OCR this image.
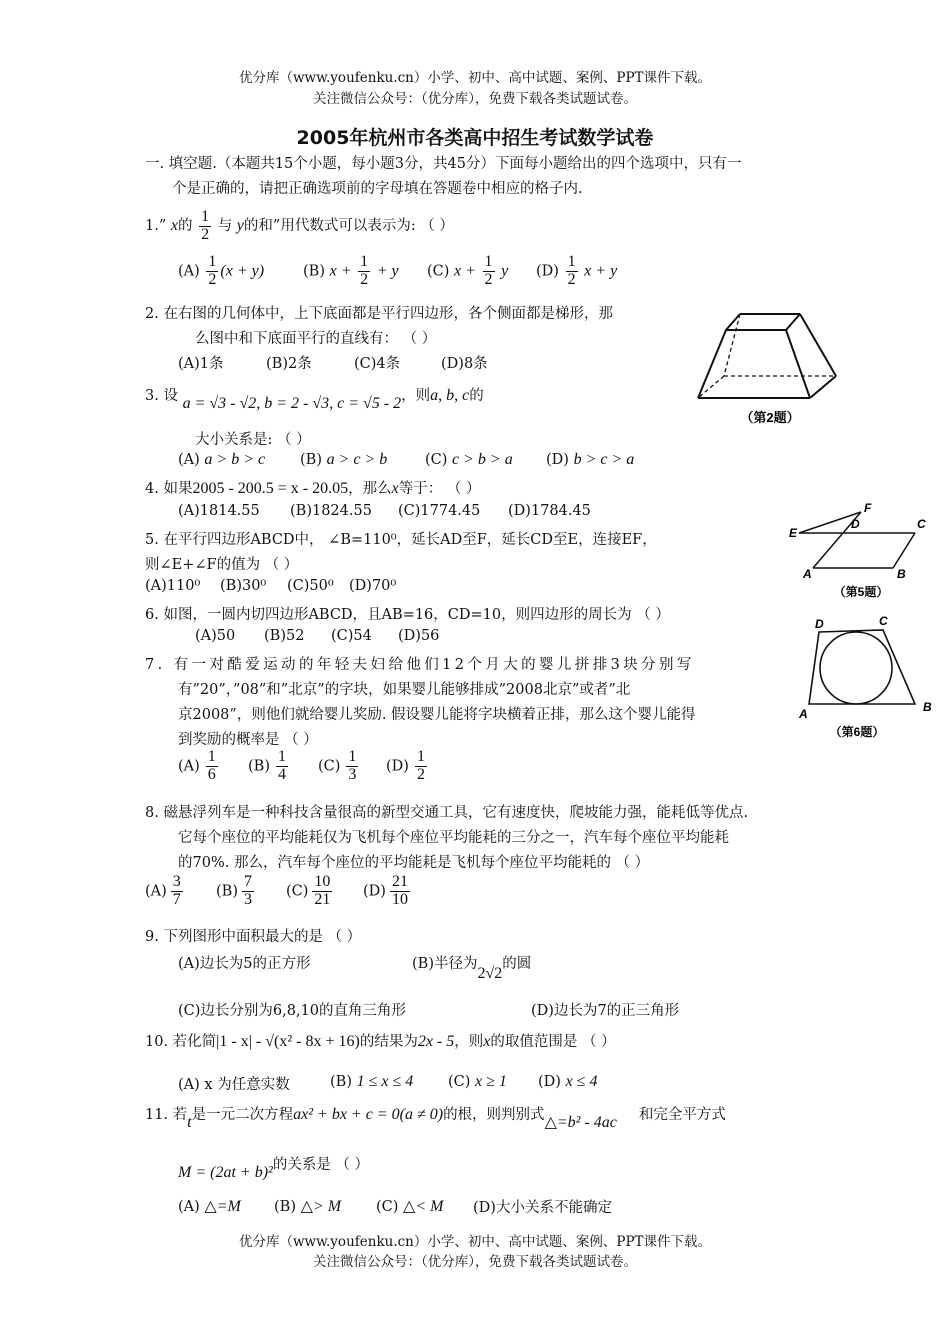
优分库（www.youfenku.cn）小学、初中、高中试题、案例、PPT课件下载。
关注微信公众号：（优分库），免费下载各类试题试卷。
2005年杭州市各类高中招生考试数学试卷
一. 填空题.（本题共15个小题，每小题3分，共45分）下面每小题给出的四个选项中，只有一
个是正确的，请把正确选项前的字母填在答题卷中相应的格子内.
1.” x的 $\frac{1}{2}$ 与 y的和”用代数式可以表示为: （ ）
$(A) \frac{1}{2} (x + y)$	(B) $x + \frac{1}{2} + y$ (C) $x + \frac{1}{2}$ y $(D) \frac{1}{2}$ x + y
2. 在右图的几何体中，上下底面都是平行四边形，各个侧面都是梯形，那
么图中和下底面平行的直线有： （ ）
(A)1条	(B)2条	(C)4条	(D)8条
（第2题）
3. 设 a = √3 - √2, b = 2 - √3, c = √5 - 2，则a, b, c的
大小关系是: （ ）
(A) a > b > c (B) a > c > b	(C) c > b > a (D) b > c > a
4. 如果2005 - 200.5 = x - 20.05，那么x等于： （ ）
(A)1814.55 (B)1824.55 (C)1774.45 (D)1784.45
5. 在平行四边形ABCD中， ∠B=110⁰，延长AD至F，延长CD至E，连接EF，
则∠E+∠F的值为 （ ）
(A)110⁰ (B)30⁰ (C)50⁰ (D)70⁰
E
F
D	C
A	B
（第5题）
6. 如图，一圆内切四边形ABCD，且AB=16，CD=10，则四边形的周长为 （ ）
(A)50 (B)52 (C)54 (D)56
D	C
A	B
（第6题）
7. 有一对酷爱运动的年轻夫妇给他们12个月大的婴儿拼排3块分别写
有”20”，”08”和”北京”的字块，如果婴儿能够排成”2008北京”或者”北
京2008”，则他们就给婴儿奖励. 假设婴儿能将字块横着正排，那么这个婴儿能得
到奖励的概率是 （ ）
$(A) \frac{1}{6} (B) \frac{1}{4} (C) \frac{1}{3} (D) \frac{1}{2}$
8. 磁悬浮列车是一种科技含量很高的新型交通工具，它有速度快，爬坡能力强，能耗低等优点.
它每个座位的平均能耗仅为飞机每个座位平均能耗的三分之一，汽车每个座位平均能耗
的70%. 那么，汽车每个座位的平均能耗是飞机每个座位平均能耗的 （ ）
$(A) \frac{3}{7} (B) \frac{7}{3} (C) \frac{10}{21} (D) \frac{21}{10}$
9. 下列图形中面积最大的是 （ ）
(A)边长为5的正方形	(B)半径为2√2的圆
(C)边长分别为6,8,10的直角三角形	(D)边长为7的正三角形
10. 若化简|1 - x| - √(x² - 8x + 16)的结果为2x - 5，则x的取值范围是 （ ）
(A) x 为任意实数	(B) 1 ≤ x ≤ 4 (C) x ≥ 1 (D) x ≤ 4
11. 若t是一元二次方程ax² + bx + c = 0(a ≠ 0)的根，则判别式△=b² - 4ac 和完全平方式
M = (2at + b)²的关系是 （ ）
(A) △=M (B) △> M (C) △< M (D)大小关系不能确定
优分库（www.youfenku.cn）小学、初中、高中试题、案例、PPT课件下载。
关注微信公众号：（优分库），免费下载各类试题试卷。
